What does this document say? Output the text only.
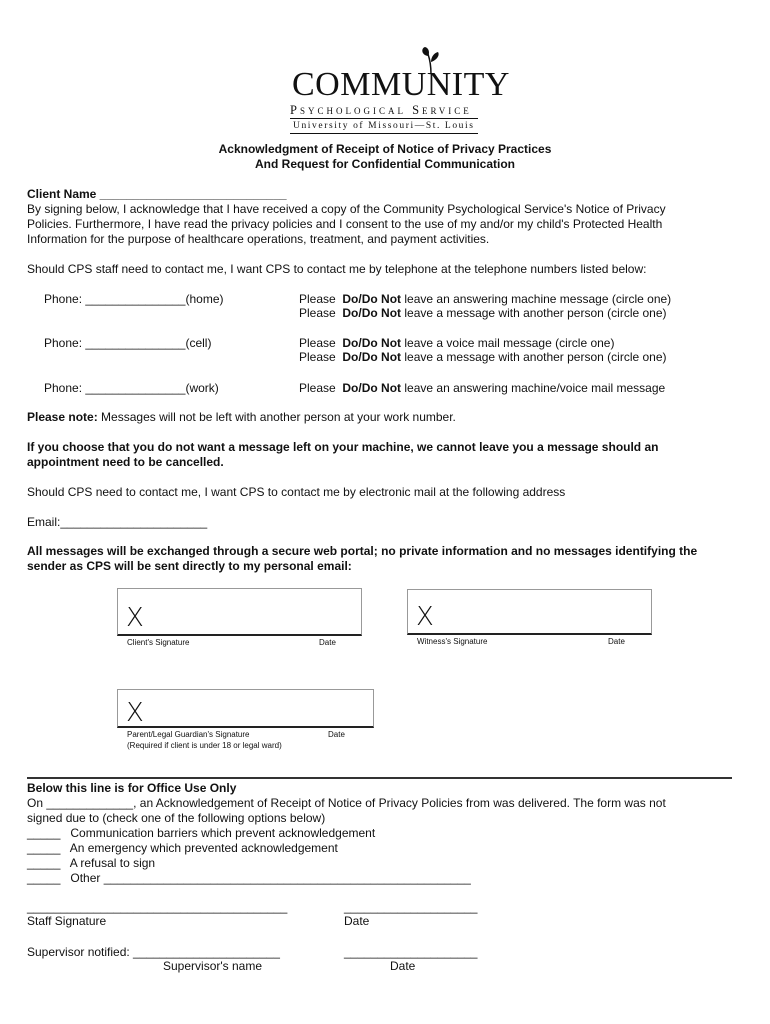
COMMUNITY
Psychological Service
University of Missouri—St. Louis
Acknowledgment of Receipt of Notice of Privacy Practices
And Request for Confidential Communication
Client Name ____________________________
By signing below, I acknowledge that I have received a copy of the Community Psychological Service's Notice of Privacy
Policies. Furthermore, I have read the privacy policies and I consent to the use of my and/or my child's Protected Health
Information for the purpose of healthcare operations, treatment, and payment activities.
Should CPS staff need to contact me, I want CPS to contact me by telephone at the telephone numbers listed below:
Phone: _______________(home)	Please Do/Do Not leave an answering machine message (circle one)
Please Do/Do Not leave a message with another person (circle one)
Phone: _______________(cell)	Please Do/Do Not leave a voice mail message (circle one)
Please Do/Do Not leave a message with another person (circle one)
Phone: _______________(work)	Please Do/Do Not leave an answering machine/voice mail message
Please note: Messages will not be left with another person at your work number.
If you choose that you do not want a message left on your machine, we cannot leave you a message should an
appointment need to be cancelled.
Should CPS need to contact me, I want CPS to contact me by electronic mail at the following address
Email:______________________
All messages will be exchanged through a secure web portal; no private information and no messages identifying the
sender as CPS will be sent directly to my personal email:
X
Client's Signature	Date
X
Witness's Signature	Date
X
Parent/Legal Guardian's Signature	Date
(Required if client is under 18 or legal ward)
Below this line is for Office Use Only
On _____________, an Acknowledgement of Receipt of Notice of Privacy Policies from was delivered. The form was not
signed due to (check one of the following options below)
_____   Communication barriers which prevent acknowledgement
_____   An emergency which prevented acknowledgement
_____   A refusal to sign
_____   Other _______________________________________________________
_______________________________________	____________________
Staff Signature	Date
Supervisor notified: ______________________	____________________
Supervisor's name	Date
